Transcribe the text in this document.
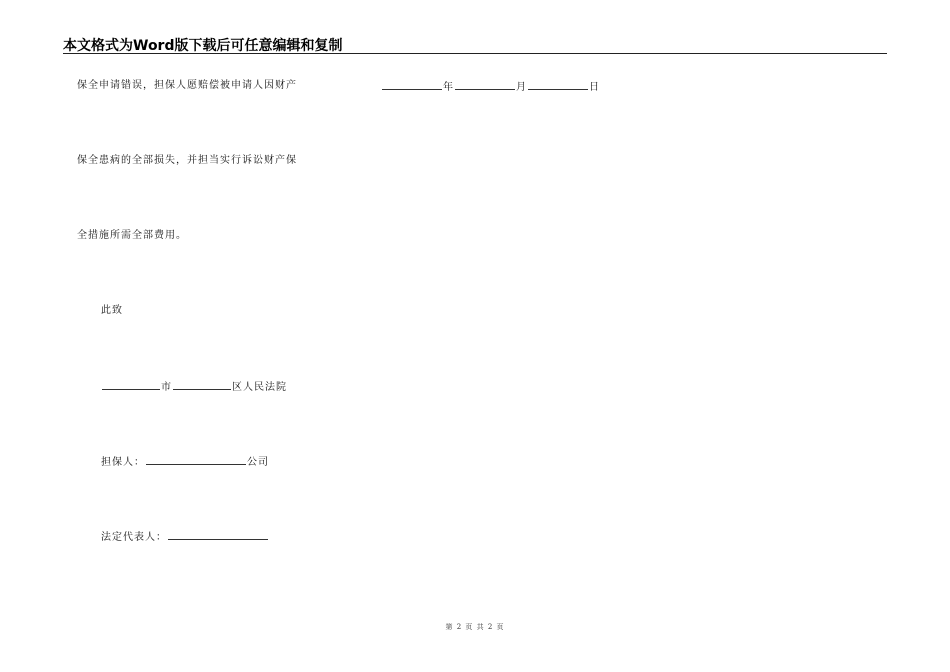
本文格式为Word版下载后可任意编辑和复制
保全申请错误，担保人愿赔偿被申请人因财产	年	月	日
保全患病的全部损失，并担当实行诉讼财产保
全措施所需全部费用。
此致
市	区人民法院
担保人：	公司
法定代表人：
第 2 页 共 2 页
